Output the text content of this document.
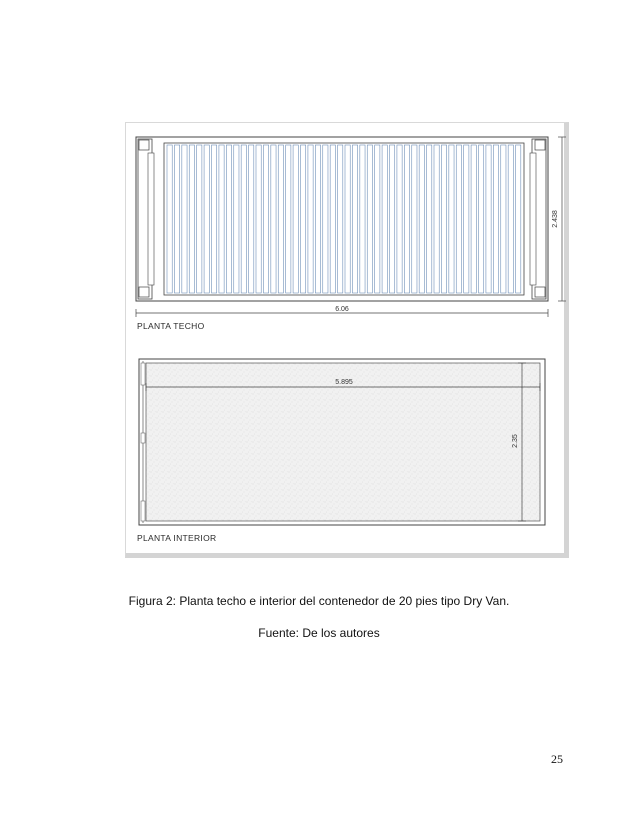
2.438
6.06
5.895
2.35
PLANTA TECHO
PLANTA INTERIOR
Figura 2: Planta techo e interior del contenedor de 20 pies tipo Dry Van.
Fuente: De los autores
25
